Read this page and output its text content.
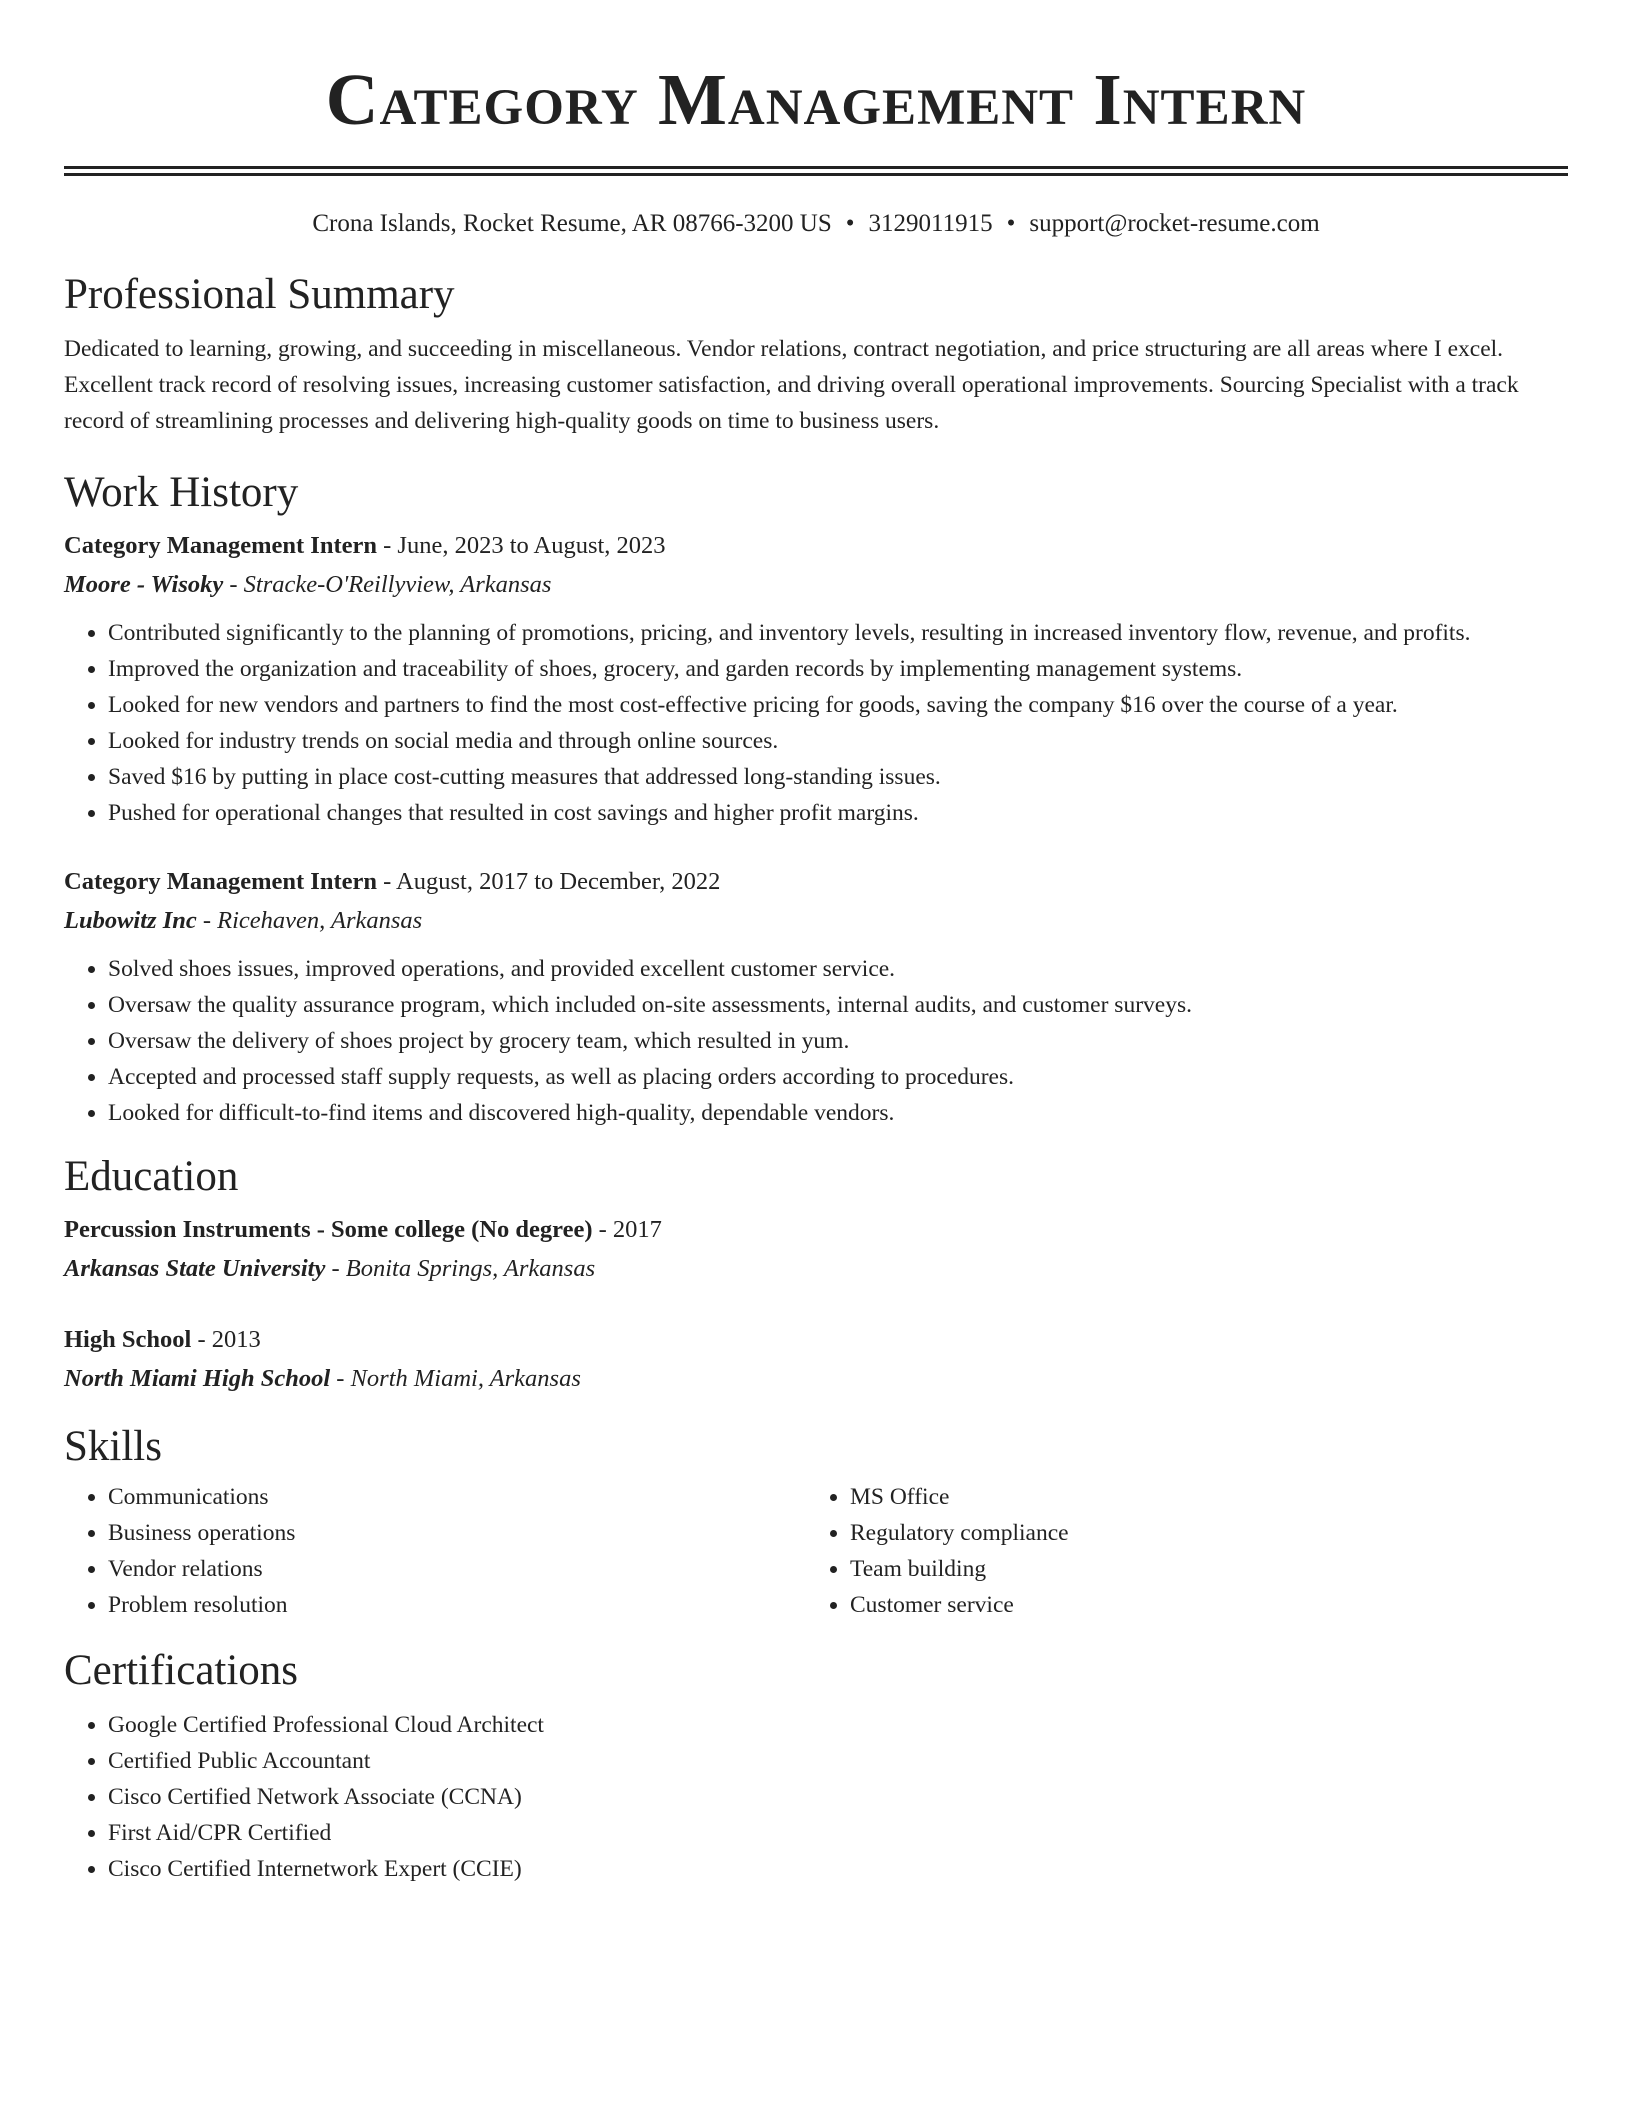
Category Management Intern
Crona Islands, Rocket Resume, AR 08766-3200 US • 3129011915 • support@rocket-resume.com
Professional Summary

Dedicated to learning, growing, and succeeding in miscellaneous. Vendor relations, contract negotiation, and price structuring are all areas where I excel. Excellent track record of resolving issues, increasing customer satisfaction, and driving overall operational improvements. Sourcing Specialist with a track record of streamlining processes and delivering high-quality goods on time to business users.

Work History

Category Management Intern - June, 2023 to August, 2023

Moore - Wisoky - Stracke-O'Reillyview, Arkansas

• Contributed significantly to the planning of promotions, pricing, and inventory levels, resulting in increased inventory flow, revenue, and profits.
• Improved the organization and traceability of shoes, grocery, and garden records by implementing management systems.
• Looked for new vendors and partners to find the most cost-effective pricing for goods, saving the company $16 over the course of a year.
• Looked for industry trends on social media and through online sources.
• Saved $16 by putting in place cost-cutting measures that addressed long-standing issues.
• Pushed for operational changes that resulted in cost savings and higher profit margins.

Category Management Intern - August, 2017 to December, 2022

Lubowitz Inc - Ricehaven, Arkansas

• Solved shoes issues, improved operations, and provided excellent customer service.
• Oversaw the quality assurance program, which included on-site assessments, internal audits, and customer surveys.
• Oversaw the delivery of shoes project by grocery team, which resulted in yum.
• Accepted and processed staff supply requests, as well as placing orders according to procedures.
• Looked for difficult-to-find items and discovered high-quality, dependable vendors.
Education

Percussion Instruments - Some college (No degree) - 2017

Arkansas State University - Bonita Springs, Arkansas

High School - 2013

North Miami High School - North Miami, Arkansas

Skills
• Communications
• Business operations
• Vendor relations
• Problem resolution
• MS Office
• Regulatory compliance
• Team building
• Customer service
Certifications
• Google Certified Professional Cloud Architect
• Certified Public Accountant
• Cisco Certified Network Associate (CCNA)
• First Aid/CPR Certified
• Cisco Certified Internetwork Expert (CCIE)
